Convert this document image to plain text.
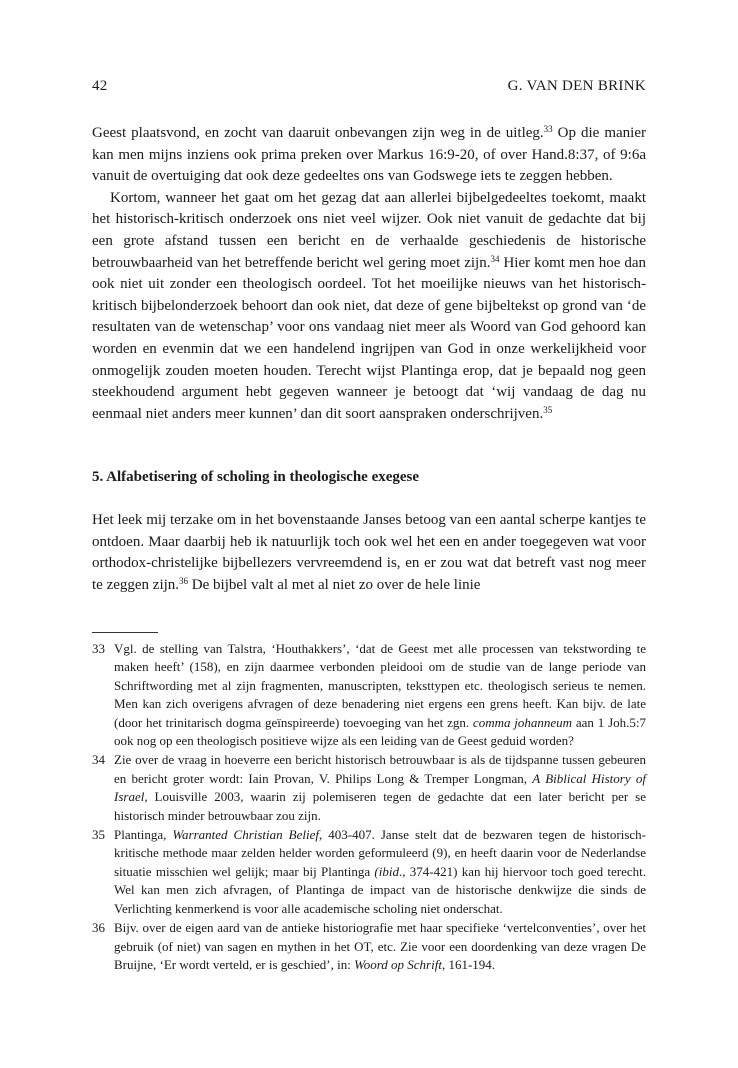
42	G. VAN DEN BRINK

Geest plaatsvond, en zocht van daaruit onbevangen zijn weg in de uitleg.$^{33}$ Op die manier kan men mijns inziens ook prima preken over Markus 16:9-20, of over Hand.8:37, of 9:6a vanuit de overtuiging dat ook deze gedeeltes ons van Godswege iets te zeggen hebben.

Kortom, wanneer het gaat om het gezag dat aan allerlei bijbelgedeeltes toekomt, maakt het historisch-kritisch onderzoek ons niet veel wijzer. Ook niet vanuit de gedachte dat bij een grote afstand tussen een bericht en de verhaalde geschiedenis de historische betrouwbaarheid van het betreffende bericht wel gering moet zijn.$^{34}$ Hier komt men hoe dan ook niet uit zonder een theologisch oordeel. Tot het moeilijke nieuws van het historisch-kritisch bijbelonderzoek behoort dan ook niet, dat deze of gene bijbeltekst op grond van ‘de resultaten van de wetenschap’ voor ons vandaag niet meer als Woord van God gehoord kan worden en evenmin dat we een handelend ingrijpen van God in onze werkelijkheid voor onmogelijk zouden moeten houden. Terecht wijst Plantinga erop, dat je bepaald nog geen steekhoudend argument hebt gegeven wanneer je betoogt dat ‘wij vandaag de dag nu eenmaal niet anders meer kunnen’ dan dit soort aanspraken onderschrijven.$^{35}$

5. Alfabetisering of scholing in theologische exegese

Het leek mij terzake om in het bovenstaande Janses betoog van een aantal scherpe kantjes te ontdoen. Maar daarbij heb ik natuurlijk toch ook wel het een en ander toegegeven wat voor orthodox-christelijke bijbellezers vervreemdend is, en er zou wat dat betreft vast nog meer te zeggen zijn.$^{36}$ De bijbel valt al met al niet zo over de hele linie

33 Vgl. de stelling van Talstra, ‘Houthakkers’, ‘dat de Geest met alle processen van tekstwording te maken heeft’ (158), en zijn daarmee verbonden pleidooi om de studie van de lange periode van Schriftwording met al zijn fragmenten, manuscripten, teksttypen etc. theologisch serieus te nemen. Men kan zich overigens afvragen of deze benadering niet ergens een grens heeft. Kan bijv. de late (door het trinitarisch dogma geïnspireerde) toevoeging van het zgn. comma johanneum aan 1 Joh.5:7 ook nog op een theologisch positieve wijze als een leiding van de Geest geduid worden?
34 Zie over de vraag in hoeverre een bericht historisch betrouwbaar is als de tijdspanne tussen gebeuren en bericht groter wordt: Iain Provan, V. Philips Long & Tremper Longman, A Biblical History of Israel, Louisville 2003, waarin zij polemiseren tegen de gedachte dat een later bericht per se historisch minder betrouwbaar zou zijn.
35 Plantinga, Warranted Christian Belief, 403-407. Janse stelt dat de bezwaren tegen de historisch-kritische methode maar zelden helder worden geformuleerd (9), en heeft daarin voor de Nederlandse situatie misschien wel gelijk; maar bij Plantinga (ibid., 374-421) kan hij hiervoor toch goed terecht. Wel kan men zich afvragen, of Plantinga de impact van de historische denkwijze die sinds de Verlichting kenmerkend is voor alle academische scholing niet onderschat.
36 Bijv. over de eigen aard van de antieke historiografie met haar specifieke ‘vertelconventies’, over het gebruik (of niet) van sagen en mythen in het OT, etc. Zie voor een doordenking van deze vragen De Bruijne, ‘Er wordt verteld, er is geschied’, in: Woord op Schrift, 161-194.
